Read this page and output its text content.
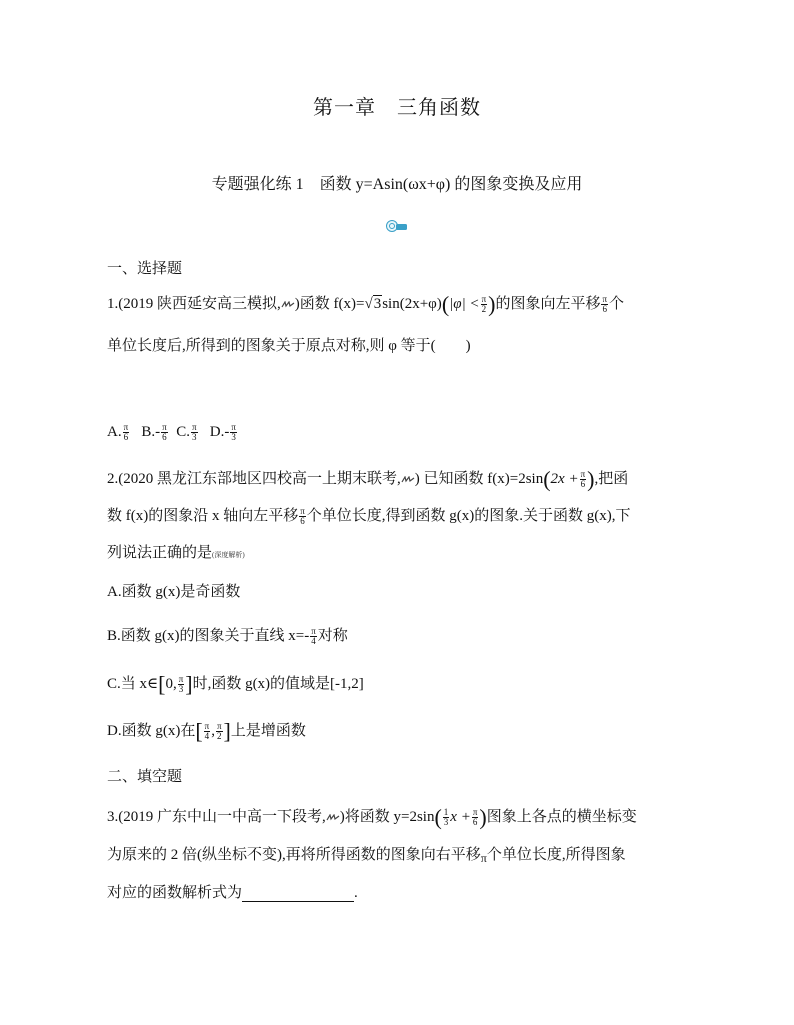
第一章　三角函数
专题强化练 1　函数 y=Asin(ωx+φ) 的图象变换及应用
一、选择题
1.(2019 陕西延安高三模拟, )函数 $f(x)=√3\sin(2x+\varphi)(|\varphi| < \frac{\pi}{2}$ )的图象向左平移 $\frac{\pi}{6}$ 个
单位长度后,所得到的图象关于原点对称,则 φ 等于(　　)
A. $\frac{\pi}{6} B.- \frac{\pi}{6} C$. $\frac{\pi}{3} D.- \frac{\pi}{3}$
2.(2020 黑龙江东部地区四校高一上期末联考, ) 已知函数 $f(x)=2\sin(2x + \frac{\pi}{6}$ ),把函
数 f(x)的图象沿 x 轴向左平移 $\frac{\pi}{6}$ 个单位长度,得到函数 g(x)的图象.关于函数 g(x),下
列说法正确的是(深度解析)
A.函数 g(x)是奇函数
B.函数 g(x)的图象关于直线 $x=- \frac{\pi}{4}$ 对称
C.当 x∈[0, $\frac{\pi}{3}$ ]时,函数 g(x)的值域是[-1,2]
D.函数 g(x)在[ $\frac{\pi}{4}$ , $\frac{\pi}{2}$ ]上是增函数
二、填空题
3.(2019 广东中山一中高一下段考, )将函数 $y=2\sin( \frac{1}{3}$ $x + \frac{\pi}{6}$ )图象上各点的横坐标变
为原来的 2 倍(纵坐标不变),再将所得函数的图象向右平移$_\pi$个单位长度,所得图象
对应的函数解析式为	.
